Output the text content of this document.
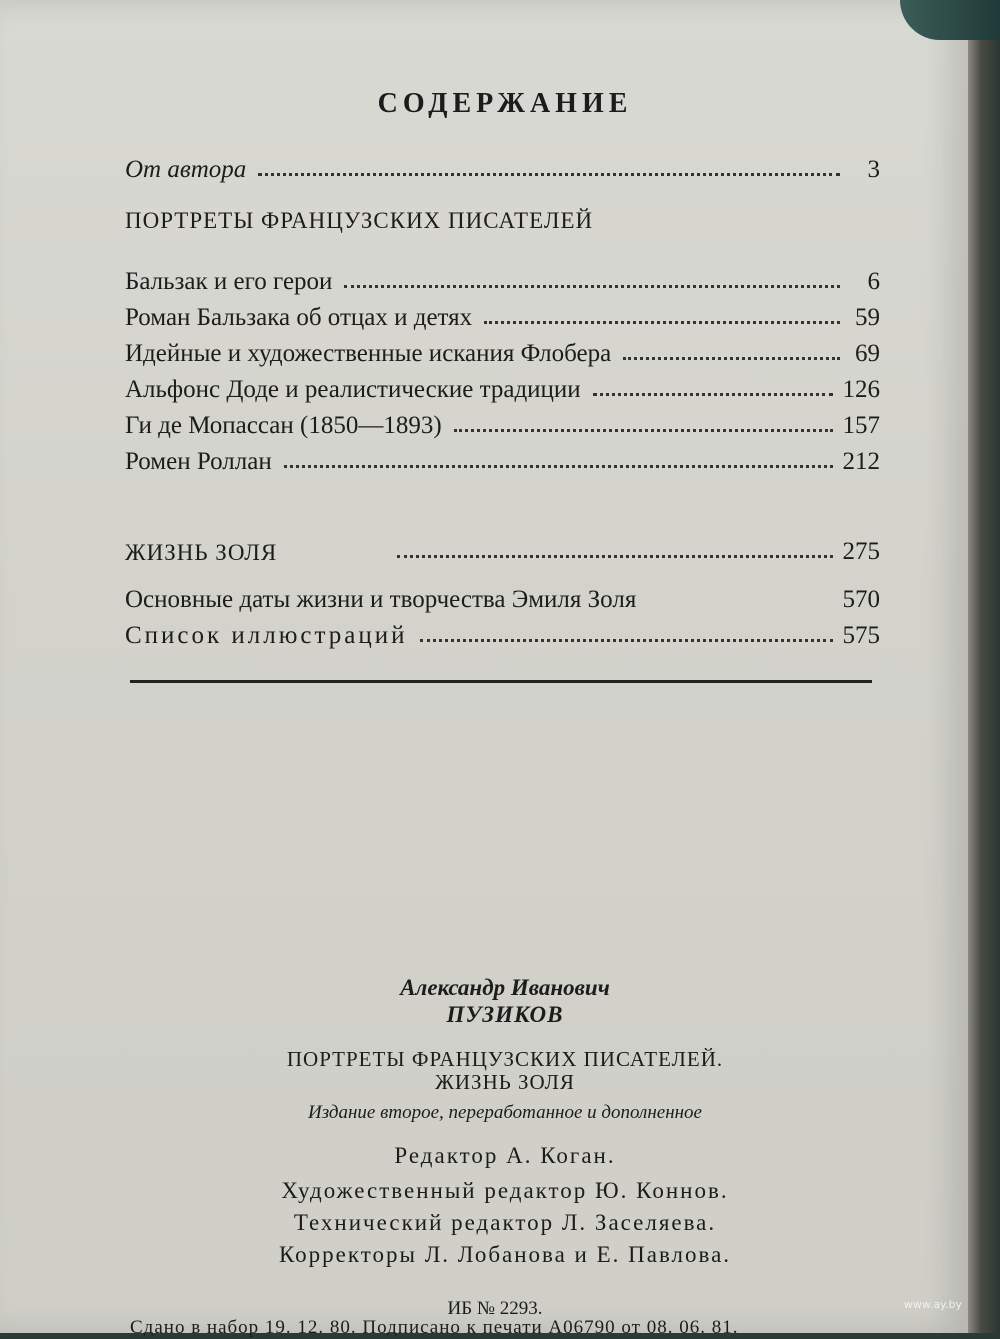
СОДЕРЖАНИЕ
От автора	3
ПОРТРЕТЫ ФРАНЦУЗСКИХ ПИСАТЕЛЕЙ
Бальзак и его герои	6
Роман Бальзака об отцах и детях	59
Идейные и художественные искания Флобера	69
Альфонс Доде и реалистические традиции	126
Ги де Мопассан (1850—1893)	157
Ромен Роллан	212
ЖИЗНЬ ЗОЛЯ	275
Основные даты жизни и творчества Эмиля Золя	570
Список иллюстраций	575
Александр Иванович
ПУЗИКОВ
ПОРТРЕТЫ ФРАНЦУЗСКИХ ПИСАТЕЛЕЙ.
ЖИЗНЬ ЗОЛЯ
Издание второе, переработанное и дополненное
Редактор А. Коган.
Художественный редактор Ю. Коннов.
Технический редактор Л. Заселяева.
Корректоры Л. Лобанова и Е. Павлова.
ИБ № 2293.
Сдано в набор 19. 12. 80. Подписано к печати А06790 от 08. 06. 81.
www.ay.by
